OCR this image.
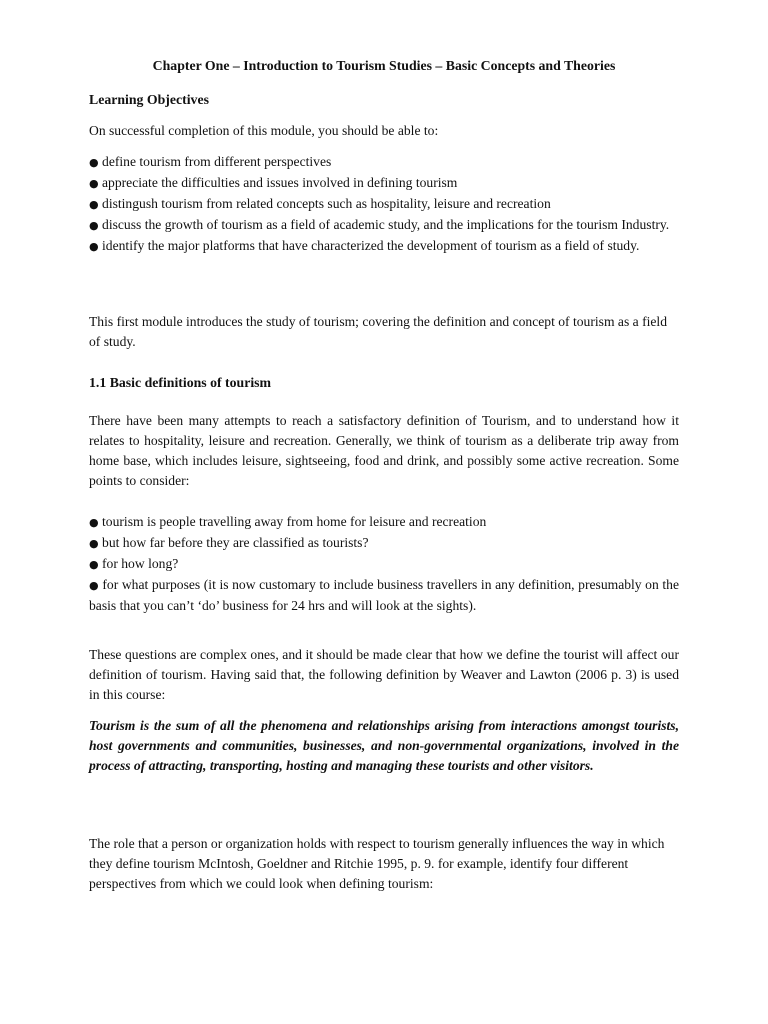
Chapter One – Introduction to Tourism Studies – Basic Concepts and Theories
Learning Objectives

On successful completion of this module, you should be able to:

● define tourism from different perspectives
● appreciate the difficulties and issues involved in defining tourism
● distingush tourism from related concepts such as hospitality, leisure and recreation
● discuss the growth of tourism as a field of academic study, and the implications for the tourism Industry.
● identify the major platforms that have characterized the development of tourism as a field of study.

This first module introduces the study of tourism; covering the definition and concept of tourism as a field of study.

1.1 Basic definitions of tourism

There have been many attempts to reach a satisfactory definition of Tourism, and to understand how it relates to hospitality, leisure and recreation. Generally, we think of tourism as a deliberate trip away from home base, which includes leisure, sightseeing, food and drink, and possibly some active recreation. Some points to consider:

● tourism is people travelling away from home for leisure and recreation
● but how far before they are classified as tourists?
● for how long?
● for what purposes (it is now customary to include business travellers in any definition, presumably on the basis that you can’t ‘do’ business for 24 hrs and will look at the sights).

These questions are complex ones, and it should be made clear that how we define the tourist will affect our definition of tourism. Having said that, the following definition by Weaver and Lawton (2006 p. 3) is used in this course:

Tourism is the sum of all the phenomena and relationships arising from interactions amongst tourists, host governments and communities, businesses, and non-governmental organizations, involved in the process of attracting, transporting, hosting and managing these tourists and other visitors.

The role that a person or organization holds with respect to tourism generally influences the way in which they define tourism McIntosh, Goeldner and Ritchie 1995, p. 9. for example, identify four different perspectives from which we could look when defining tourism:
